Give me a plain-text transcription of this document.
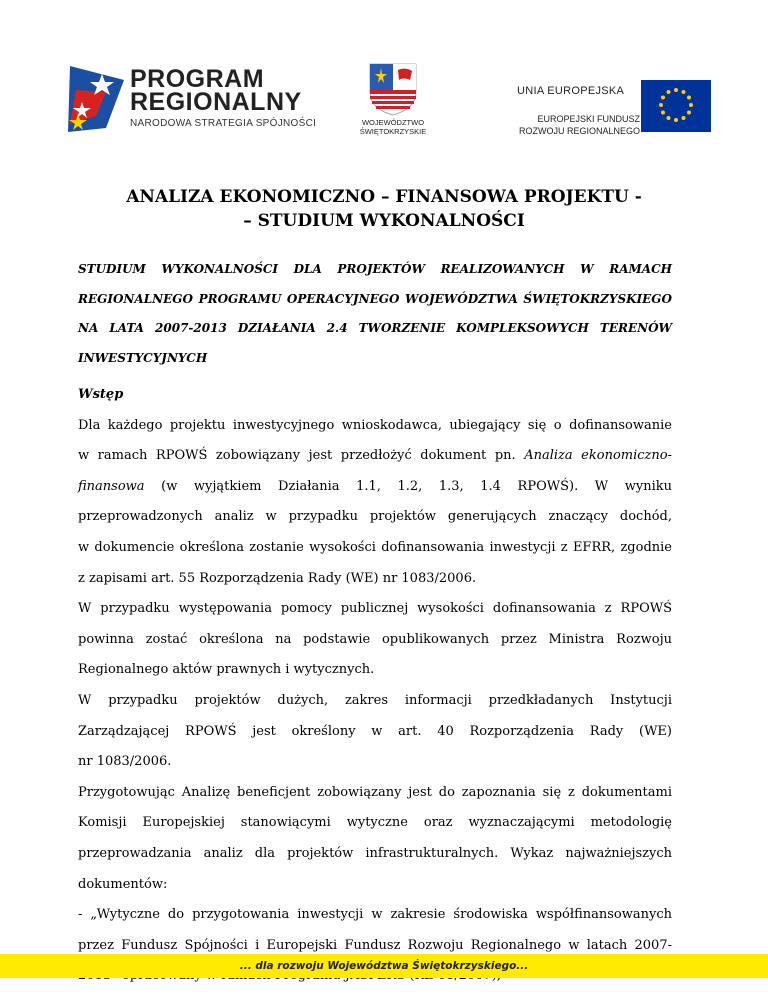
PROGRAM
REGIONALNY
NARODOWA STRATEGIA SPÓJNOŚCI	WOJEWÓDZTWO
ŚWIĘTOKRZYSKIE
UNIA EUROPEJSKA
EUROPEJSKI FUNDUSZ
ROZWOJU REGIONALNEGO
ANALIZA EKONOMICZNO – FINANSOWA PROJEKTU -
– STUDIUM WYKONALNOŚCI
STUDIUM WYKONALNOŚCI DLA PROJEKTÓW REALIZOWANYCH W RAMACH
REGIONALNEGO PROGRAMU OPERACYJNEGO WOJEWÓDZTWA ŚWIĘTOKRZYSKIEGO
NA LATA 2007-2013 DZIAŁANIA 2.4 TWORZENIE KOMPLEKSOWYCH TERENÓW
INWESTYCYJNYCH
Wstęp
Dla każdego projektu inwestycyjnego wnioskodawca, ubiegający się o dofinansowanie
w ramach RPOWŚ zobowiązany jest przedłożyć dokument pn. Analiza ekonomiczno-
finansowa (w wyjątkiem Działania 1.1, 1.2, 1.3, 1.4 RPOWŚ). W wyniku
przeprowadzonych analiz w przypadku projektów generujących znaczący dochód,
w dokumencie określona zostanie wysokości dofinansowania inwestycji z EFRR, zgodnie
z zapisami art. 55 Rozporządzenia Rady (WE) nr 1083/2006.
W przypadku występowania pomocy publicznej wysokości dofinansowania z RPOWŚ
powinna zostać określona na podstawie opublikowanych przez Ministra Rozwoju
Regionalnego aktów prawnych i wytycznych.
W przypadku projektów dużych, zakres informacji przedkładanych Instytucji
Zarządzającej RPOWŚ jest określony w art. 40 Rozporządzenia Rady (WE)
nr 1083/2006.
Przygotowując Analizę beneficjent zobowiązany jest do zapoznania się z dokumentami
Komisji Europejskiej stanowiącymi wytyczne oraz wyznaczającymi metodologię
przeprowadzania analiz dla projektów infrastrukturalnych. Wykaz najważniejszych
dokumentów:
- „Wytyczne do przygotowania inwestycji w zakresie środowiska współfinansowanych
przez Fundusz Spójności i Europejski Fundusz Rozwoju Regionalnego w latach 2007-
... dla rozwoju Województwa Świętokrzyskiego...
